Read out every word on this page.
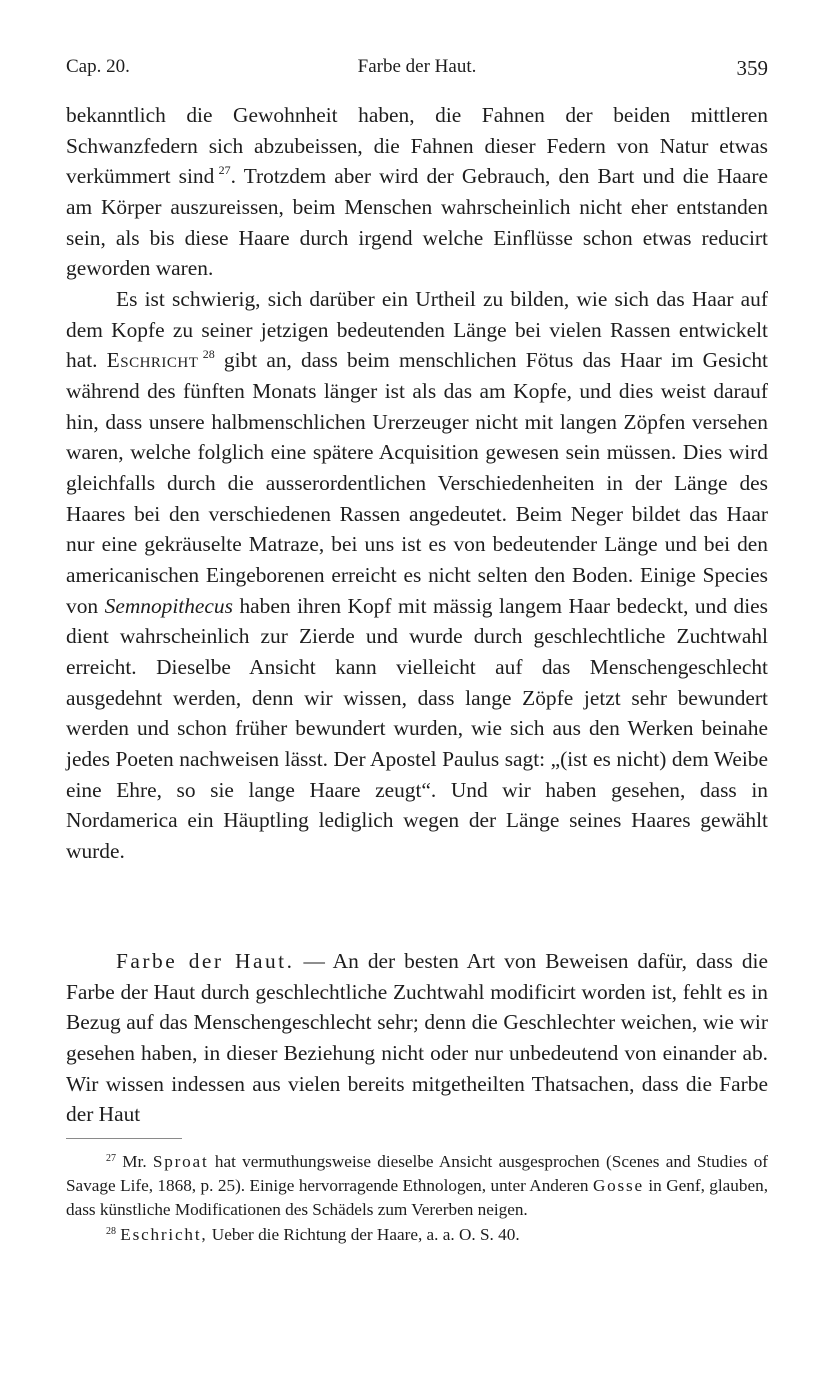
Cap. 20.	Farbe der Haut.	359
bekanntlich die Gewohnheit haben, die Fahnen der beiden mittleren Schwanzfedern sich abzubeissen, die Fahnen dieser Federn von Natur etwas verkümmert sind  $^{27}$. Trotzdem aber wird der Gebrauch, den Bart und die Haare am Körper auszureissen, beim Menschen wahrscheinlich nicht eher entstanden sein, als bis diese Haare durch irgend welche Einflüsse schon etwas reducirt geworden waren.
Es ist schwierig, sich darüber ein Urtheil zu bilden, wie sich das Haar auf dem Kopfe zu seiner jetzigen bedeutenden Länge bei vielen Rassen entwickelt hat. Eschricht  $^{28}$ gibt an, dass beim menschlichen Fötus das Haar im Gesicht während des fünften Monats länger ist als das am Kopfe, und dies weist darauf hin, dass unsere halbmenschlichen Urerzeuger nicht mit langen Zöpfen versehen waren, welche folglich eine spätere Acquisition gewesen sein müssen. Dies wird gleichfalls durch die ausserordentlichen Verschiedenheiten in der Länge des Haares bei den verschiedenen Rassen angedeutet. Beim Neger bildet das Haar nur eine gekräuselte Matraze, bei uns ist es von bedeutender Länge und bei den americanischen Eingeborenen erreicht es nicht selten den Boden. Einige Species von Semnopithecus haben ihren Kopf mit mässig langem Haar bedeckt, und dies dient wahrscheinlich zur Zierde und wurde durch geschlechtliche Zuchtwahl erreicht. Dieselbe Ansicht kann vielleicht auf das Menschengeschlecht ausgedehnt werden, denn wir wissen, dass lange Zöpfe jetzt sehr bewundert werden und schon früher bewundert wurden, wie sich aus den Werken beinahe jedes Poeten nachweisen lässt. Der Apostel Paulus sagt: „(ist es nicht) dem Weibe eine Ehre, so sie lange Haare zeugt“. Und wir haben gesehen, dass in Nordamerica ein Häuptling lediglich wegen der Länge seines Haares gewählt wurde.
Farbe der Haut. — An der besten Art von Beweisen dafür, dass die Farbe der Haut durch geschlechtliche Zuchtwahl modificirt worden ist, fehlt es in Bezug auf das Menschengeschlecht sehr; denn die Geschlechter weichen, wie wir gesehen haben, in dieser Beziehung nicht oder nur unbedeutend von einander ab. Wir wissen indessen aus vielen bereits mitgetheilten Thatsachen, dass die Farbe der Haut

$^{27}$ Mr. Sproat hat vermuthungsweise dieselbe Ansicht ausgesprochen (Scenes and Studies of Savage Life, 1868, p. 25). Einige hervorragende Ethnologen, unter Anderen Gosse in Genf, glauben, dass künstliche Modificationen des Schädels zum Vererben neigen.

$^{28}$ Eschricht, Ueber die Richtung der Haare, a. a. O. S. 40.
